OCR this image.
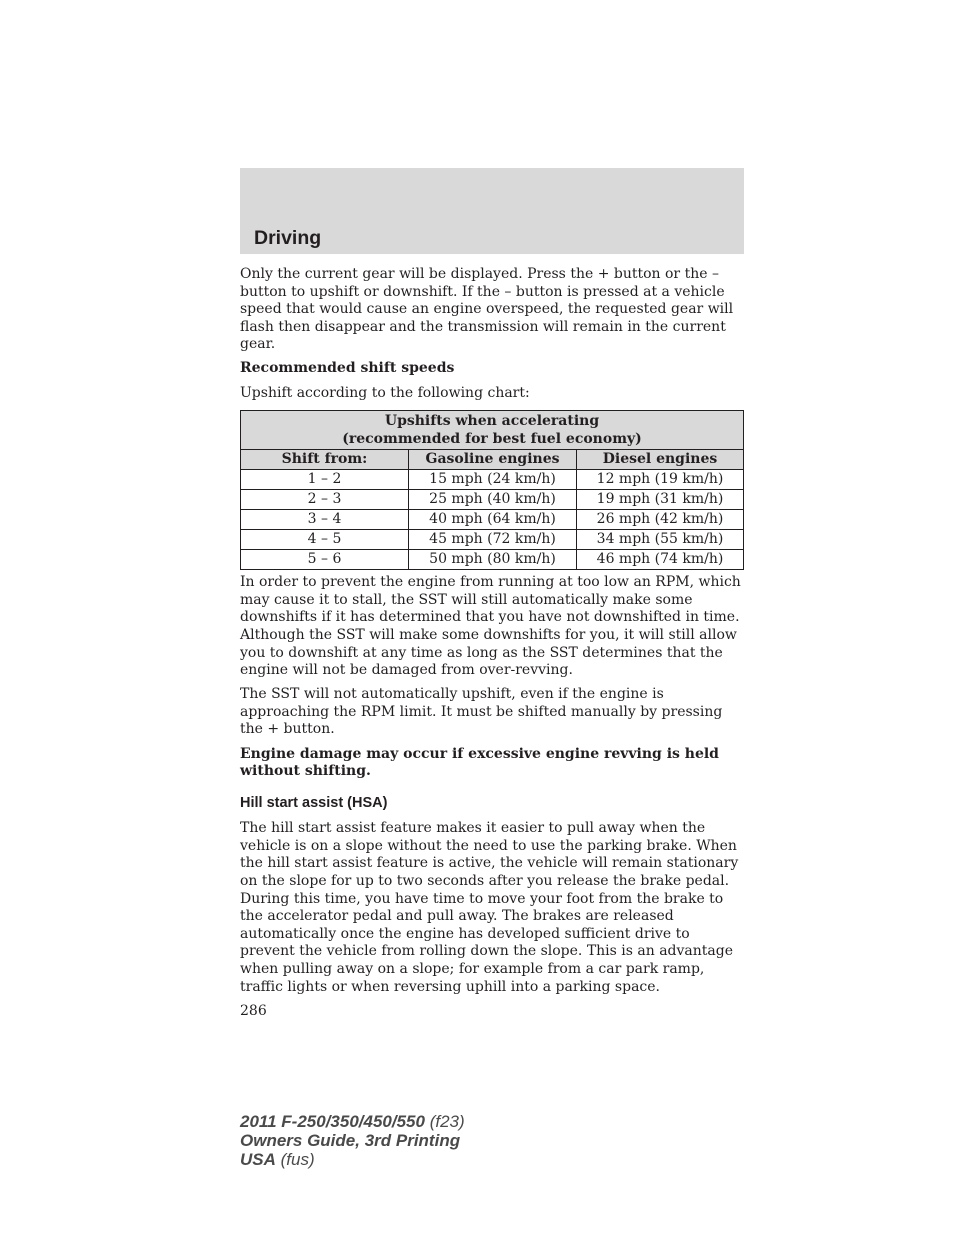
Driving

Only the current gear will be displayed. Press the + button or the – button to upshift or downshift. If the – button is pressed at a vehicle speed that would cause an engine overspeed, the requested gear will flash then disappear and the transmission will remain in the current gear.

Recommended shift speeds

Upshift according to the following chart:

Upshifts when accelerating
(recommended for best fuel economy)		
Shift from:	Gasoline engines	Diesel engines
1 – 2	15 mph (24 km/h)	12 mph (19 km/h)
2 – 3	25 mph (40 km/h)	19 mph (31 km/h)
3 – 4	40 mph (64 km/h)	26 mph (42 km/h)
4 – 5	45 mph (72 km/h)	34 mph (55 km/h)
5 – 6	50 mph (80 km/h)	46 mph (74 km/h)

In order to prevent the engine from running at too low an RPM, which may cause it to stall, the SST will still automatically make some downshifts if it has determined that you have not downshifted in time. Although the SST will make some downshifts for you, it will still allow you to downshift at any time as long as the SST determines that the engine will not be damaged from over-revving.

The SST will not automatically upshift, even if the engine is approaching the RPM limit. It must be shifted manually by pressing the + button.

Engine damage may occur if excessive engine revving is held without shifting.

Hill start assist (HSA)

The hill start assist feature makes it easier to pull away when the vehicle is on a slope without the need to use the parking brake. When the hill start assist feature is active, the vehicle will remain stationary on the slope for up to two seconds after you release the brake pedal. During this time, you have time to move your foot from the brake to the accelerator pedal and pull away. The brakes are released automatically once the engine has developed sufficient drive to prevent the vehicle from rolling down the slope. This is an advantage when pulling away on a slope; for example from a car park ramp, traffic lights or when reversing uphill into a parking space.

286
2011 F-250/350/450/550 (f23)
Owners Guide, 3rd Printing
USA (fus)
